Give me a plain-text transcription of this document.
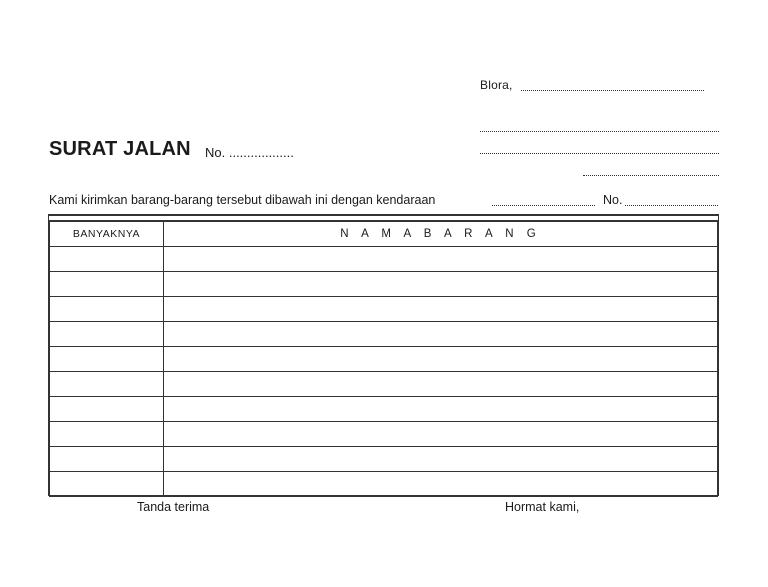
Blora,
SURAT JALAN No. ..................
Kami kirimkan barang-barang tersebut dibawah ini dengan kendaraan	No.
BANYAKNYA	N A M A B A R A N G

Tanda terima	Hormat kami,
